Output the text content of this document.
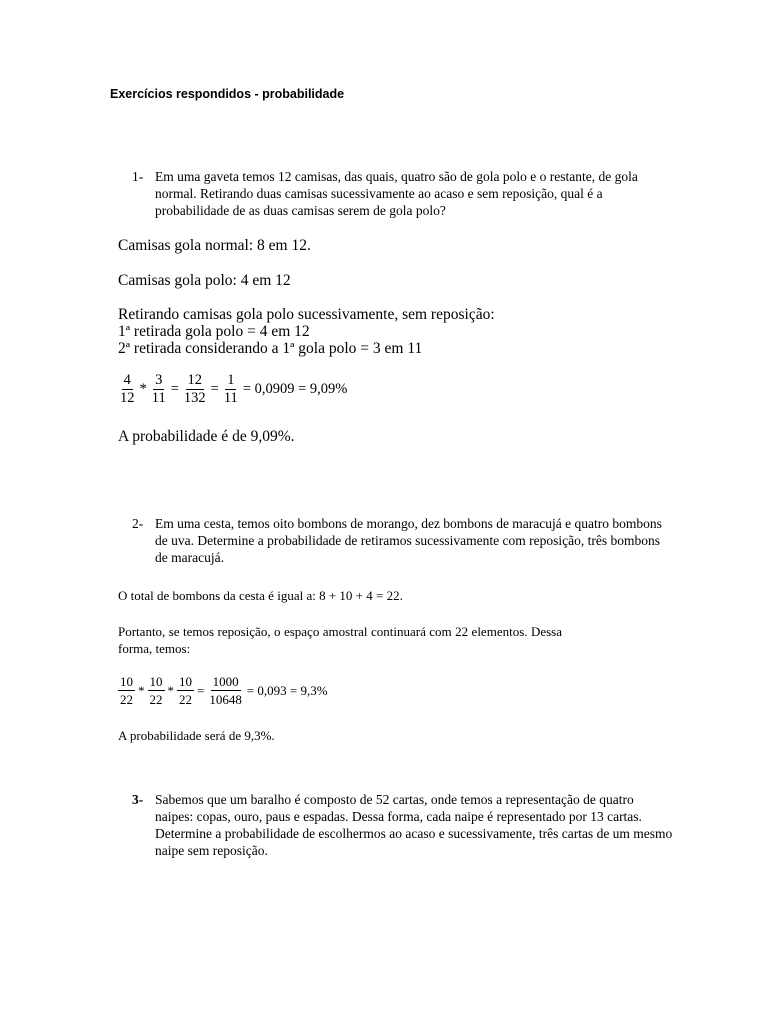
Exercícios respondidos - probabilidade
1- Em uma gaveta temos 12 camisas, das quais, quatro são de gola polo e o restante, de gola normal. Retirando duas camisas sucessivamente ao acaso e sem reposição, qual é a probabilidade de as duas camisas serem de gola polo?
Camisas gola normal: 8 em 12.
Camisas gola polo: 4 em 12
Retirando camisas gola polo sucessivamente, sem reposição:
1ª retirada gola polo = 4 em 12
2ª retirada considerando a 1ª gola polo = 3 em 11
$\frac{4}{12} * \frac{3}{11} = \frac{12}{132} = \frac{1}{11} = 0,0909 = 9,09\%$
A probabilidade é de 9,09%.
2- Em uma cesta, temos oito bombons de morango, dez bombons de maracujá e quatro bombons de uva. Determine a probabilidade de retiramos sucessivamente com reposição, três bombons de maracujá.
O total de bombons da cesta é igual a: 8 + 10 + 4 = 22.
Portanto, se temos reposição, o espaço amostral continuará com 22 elementos. Dessa forma, temos:
$\frac{10}{22} * \frac{10}{22} * \frac{10}{22} = \frac{1000}{10648} = 0,093 = 9,3\%$
A probabilidade será de 9,3%.
3- Sabemos que um baralho é composto de 52 cartas, onde temos a representação de quatro naipes: copas, ouro, paus e espadas. Dessa forma, cada naipe é representado por 13 cartas. Determine a probabilidade de escolhermos ao acaso e sucessivamente, três cartas de um mesmo naipe sem reposição.
